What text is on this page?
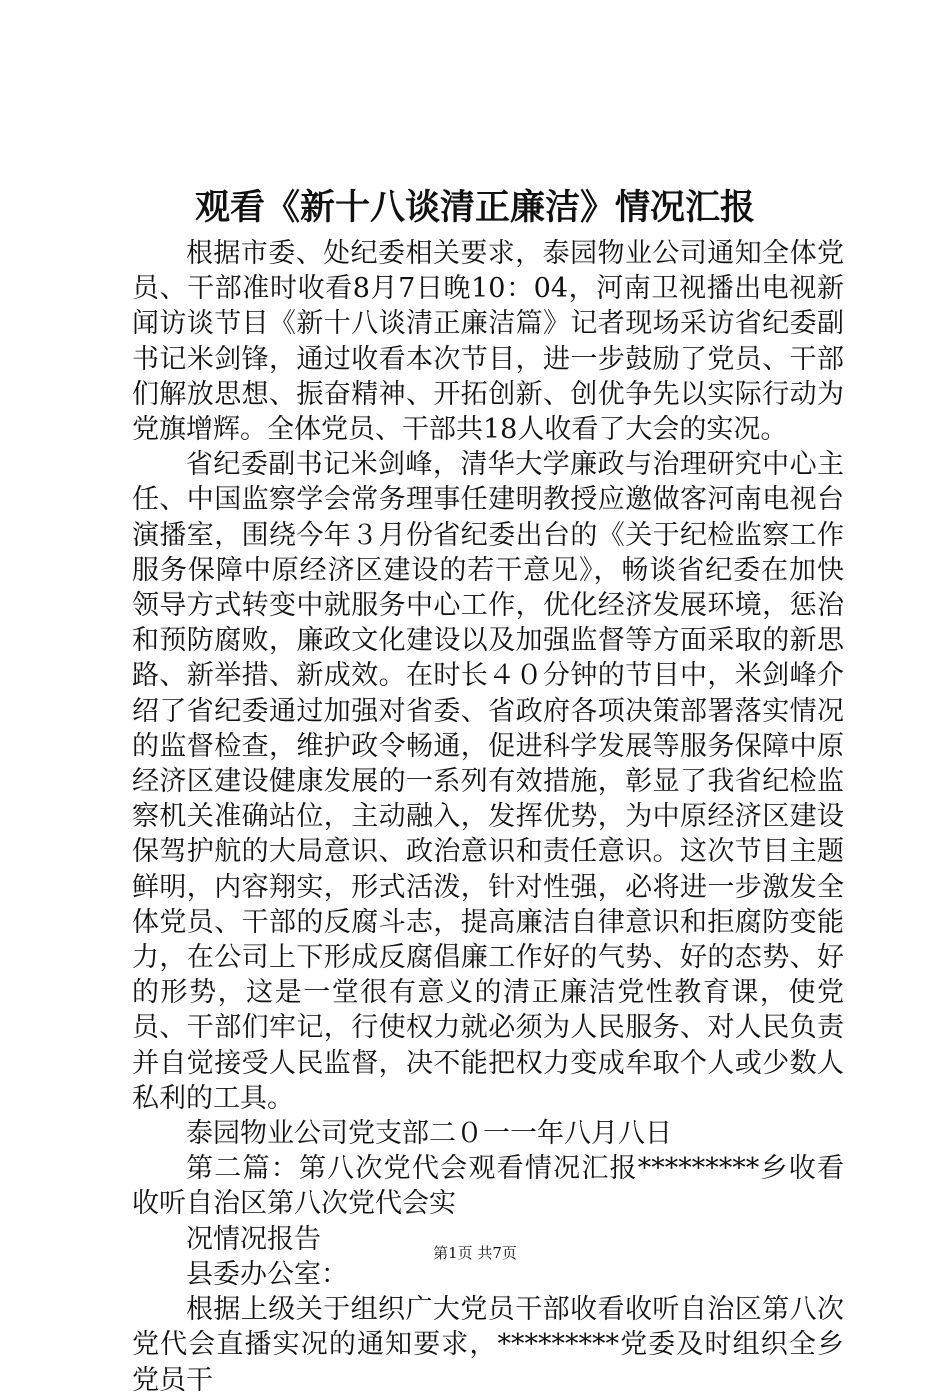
观看《新十八谈清正廉洁》情况汇报

根据市委、处纪委相关要求，泰园物业公司通知全体党员、干部准时收看8月7日晚10：04，河南卫视播出电视新闻访谈节目《新十八谈清正廉洁篇》记者现场采访省纪委副书记米剑锋，通过收看本次节目，进一步鼓励了党员、干部们解放思想、振奋精神、开拓创新、创优争先以实际行动为党旗增辉。全体党员、干部共18人收看了大会的实况。

省纪委副书记米剑峰，清华大学廉政与治理研究中心主任、中国监察学会常务理事任建明教授应邀做客河南电视台演播室，围绕今年３月份省纪委出台的《关于纪检监察工作服务保障中原经济区建设的若干意见》，畅谈省纪委在加快领导方式转变中就服务中心工作，优化经济发展环境，惩治和预防腐败，廉政文化建设以及加强监督等方面采取的新思路、新举措、新成效。在时长４０分钟的节目中，米剑峰介绍了省纪委通过加强对省委、省政府各项决策部署落实情况的监督检查，维护政令畅通，促进科学发展等服务保障中原经济区建设健康发展的一系列有效措施，彰显了我省纪检监察机关准确站位，主动融入，发挥优势，为中原经济区建设保驾护航的大局意识、政治意识和责任意识。这次节目主题鲜明，内容翔实，形式活泼，针对性强，必将进一步激发全体党员、干部的反腐斗志，提高廉洁自律意识和拒腐防变能力，在公司上下形成反腐倡廉工作好的气势、好的态势、好的形势，这是一堂很有意义的清正廉洁党性教育课，使党员、干部们牢记，行使权力就必须为人民服务、对人民负责并自觉接受人民监督，决不能把权力变成牟取个人或少数人私利的工具。

泰园物业公司党支部二０一一年八月八日

第二篇：第八次党代会观看情况汇报*********乡收看收听自治区第八次党代会实

况情况报告

县委办公室：

根据上级关于组织广大党员干部收看收听自治区第八次党代会直播实况的通知要求，*********党委及时组织全乡党员干

第1页 共7页
